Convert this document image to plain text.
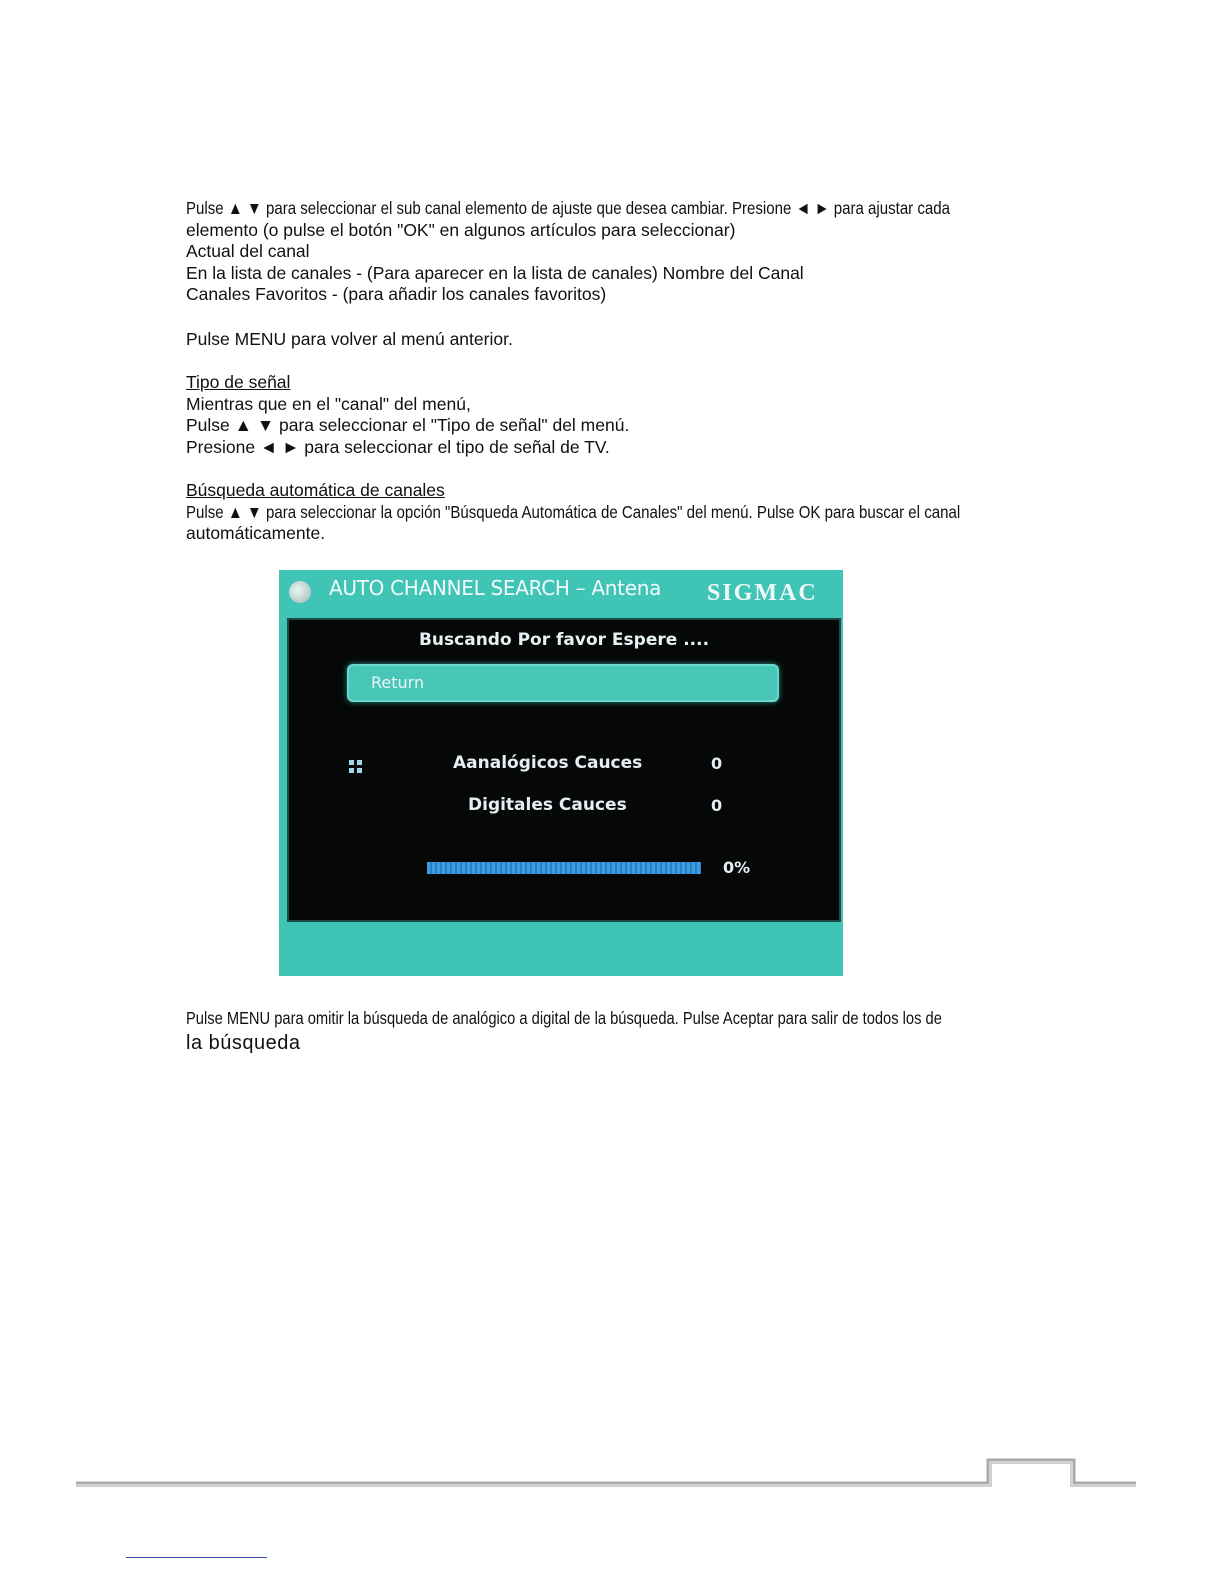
Pulse ▲ ▼ para seleccionar el sub canal elemento de ajuste que desea cambiar. Presione ◄ ► para ajustar cada

elemento (o pulse el botón "OK" en algunos artículos para seleccionar)

Actual del canal

En la lista de canales - (Para aparecer en la lista de canales) Nombre del Canal

Canales Favoritos - (para añadir los canales favoritos)

Pulse MENU para volver al menú anterior.

Tipo de señal

Mientras que en el "canal" del menú,

Pulse ▲ ▼ para seleccionar el "Tipo de señal" del menú.

Presione ◄ ► para seleccionar el tipo de señal de TV.

Búsqueda automática de canales

Pulse ▲ ▼ para seleccionar la opción "Búsqueda Automática de Canales" del menú. Pulse OK para buscar el canal

automáticamente.

AUTO CHANNEL SEARCH – Antena SIGMAC
Buscando Por favor Espere ....
Return
Aanalógicos Cauces	0
Digitales Cauces	0
0%

Pulse MENU para omitir la búsqueda de analógico a digital de la búsqueda. Pulse Aceptar para salir de todos los de

la búsqueda
